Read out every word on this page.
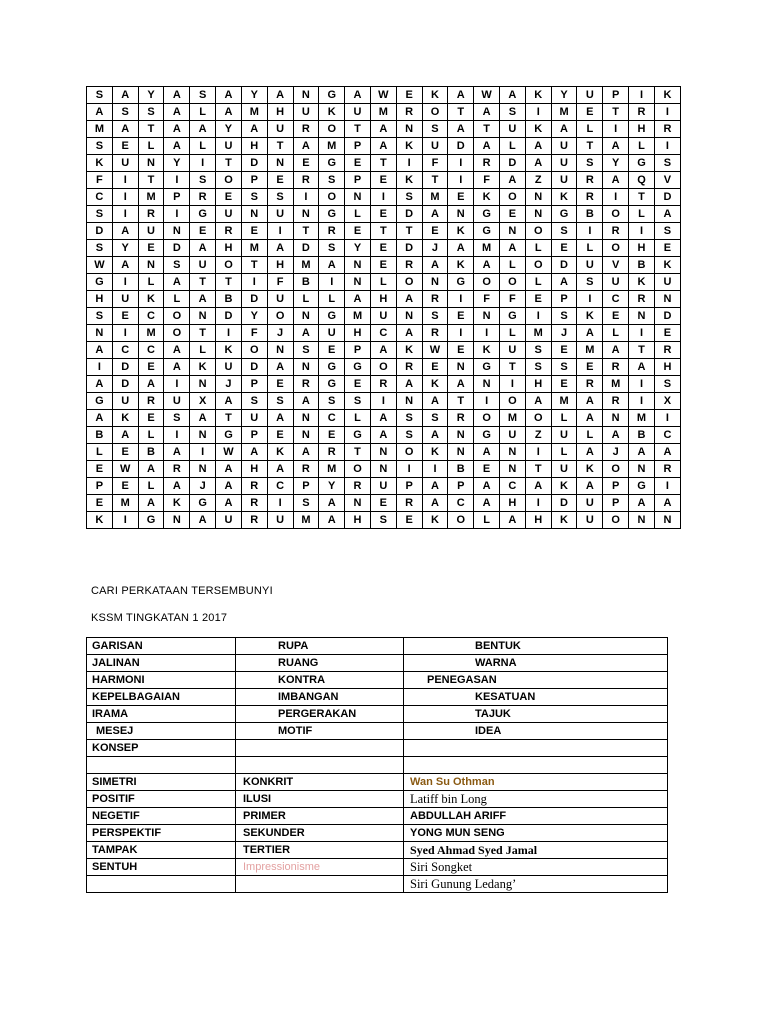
S	A	Y	A	S	A	Y	A	N	G	A	W	E	K	A	W	A	K	Y	U	P	I	K
A	S	S	A	L	A	M	H	U	K	U	M	R	O	T	A	S	I	M	E	T	R	I
M	A	T	A	A	Y	A	U	R	O	T	A	N	S	A	T	U	K	A	L	I	H	R
S	E	L	A	L	U	H	T	A	M	P	A	K	U	D	A	L	A	U	T	A	L	I
K	U	N	Y	I	T	D	N	E	G	E	T	I	F	I	R	D	A	U	S	Y	G	S
F	I	T	I	S	O	P	E	R	S	P	E	K	T	I	F	A	Z	U	R	A	Q	V
C	I	M	P	R	E	S	S	I	O	N	I	S	M	E	K	O	N	K	R	I	T	D
S	I	R	I	G	U	N	U	N	G	L	E	D	A	N	G	E	N	G	B	O	L	A
D	A	U	N	E	R	E	I	T	R	E	T	T	E	K	G	N	O	S	I	R	I	S
S	Y	E	D	A	H	M	A	D	S	Y	E	D	J	A	M	A	L	E	L	O	H	E
W	A	N	S	U	O	T	H	M	A	N	E	R	A	K	A	L	O	D	U	V	B	K
G	I	L	A	T	T	I	F	B	I	N	L	O	N	G	O	O	L	A	S	U	K	U
H	U	K	L	A	B	D	U	L	L	A	H	A	R	I	F	F	E	P	I	C	R	N
S	E	C	O	N	D	Y	O	N	G	M	U	N	S	E	N	G	I	S	K	E	N	D
N	I	M	O	T	I	F	J	A	U	H	C	A	R	I	I	L	M	J	A	L	I	E
A	C	C	A	L	K	O	N	S	E	P	A	K	W	E	K	U	S	E	M	A	T	R
I	D	E	A	K	U	D	A	N	G	G	O	R	E	N	G	T	S	S	E	R	A	H
A	D	A	I	N	J	P	E	R	G	E	R	A	K	A	N	I	H	E	R	M	I	S
G	U	R	U	X	A	S	S	A	S	S	I	N	A	T	I	O	A	M	A	R	I	X
A	K	E	S	A	T	U	A	N	C	L	A	S	S	R	O	M	O	L	A	N	M	I
B	A	L	I	N	G	P	E	N	E	G	A	S	A	N	G	U	Z	U	L	A	B	C
L	E	B	A	I	W	A	K	A	R	T	N	O	K	N	A	N	I	L	A	J	A	A
E	W	A	R	N	A	H	A	R	M	O	N	I	I	B	E	N	T	U	K	O	N	R
P	E	L	A	J	A	R	C	P	Y	R	U	P	A	P	A	C	A	K	A	P	G	I
E	M	A	K	G	A	R	I	S	A	N	E	R	A	C	A	H	I	D	U	P	A	A
K	I	G	N	A	U	R	U	M	A	H	S	E	K	O	L	A	H	K	U	O	N	N
CARI PERKATAAN TERSEMBUNYI
KSSM TINGKATAN 1 2017
GARISAN	RUPA	BENTUK
JALINAN	RUANG	WARNA
HARMONI	KONTRA	PENEGASAN
KEPELBAGAIAN	IMBANGAN	KESATUAN
IRAMA	PERGERAKAN	TAJUK
MESEJ	MOTIF	IDEA
KONSEP		

SIMETRI	KONKRIT	Wan Su Othman
POSITIF	ILUSI	Latiff bin Long
NEGETIF	PRIMER	ABDULLAH ARIFF
PERSPEKTIF	SEKUNDER	YONG MUN SENG
TAMPAK	TERTIER	Syed Ahmad Syed Jamal
SENTUH	Impressionisme	Siri Songket
		Siri Gunung Ledang’
